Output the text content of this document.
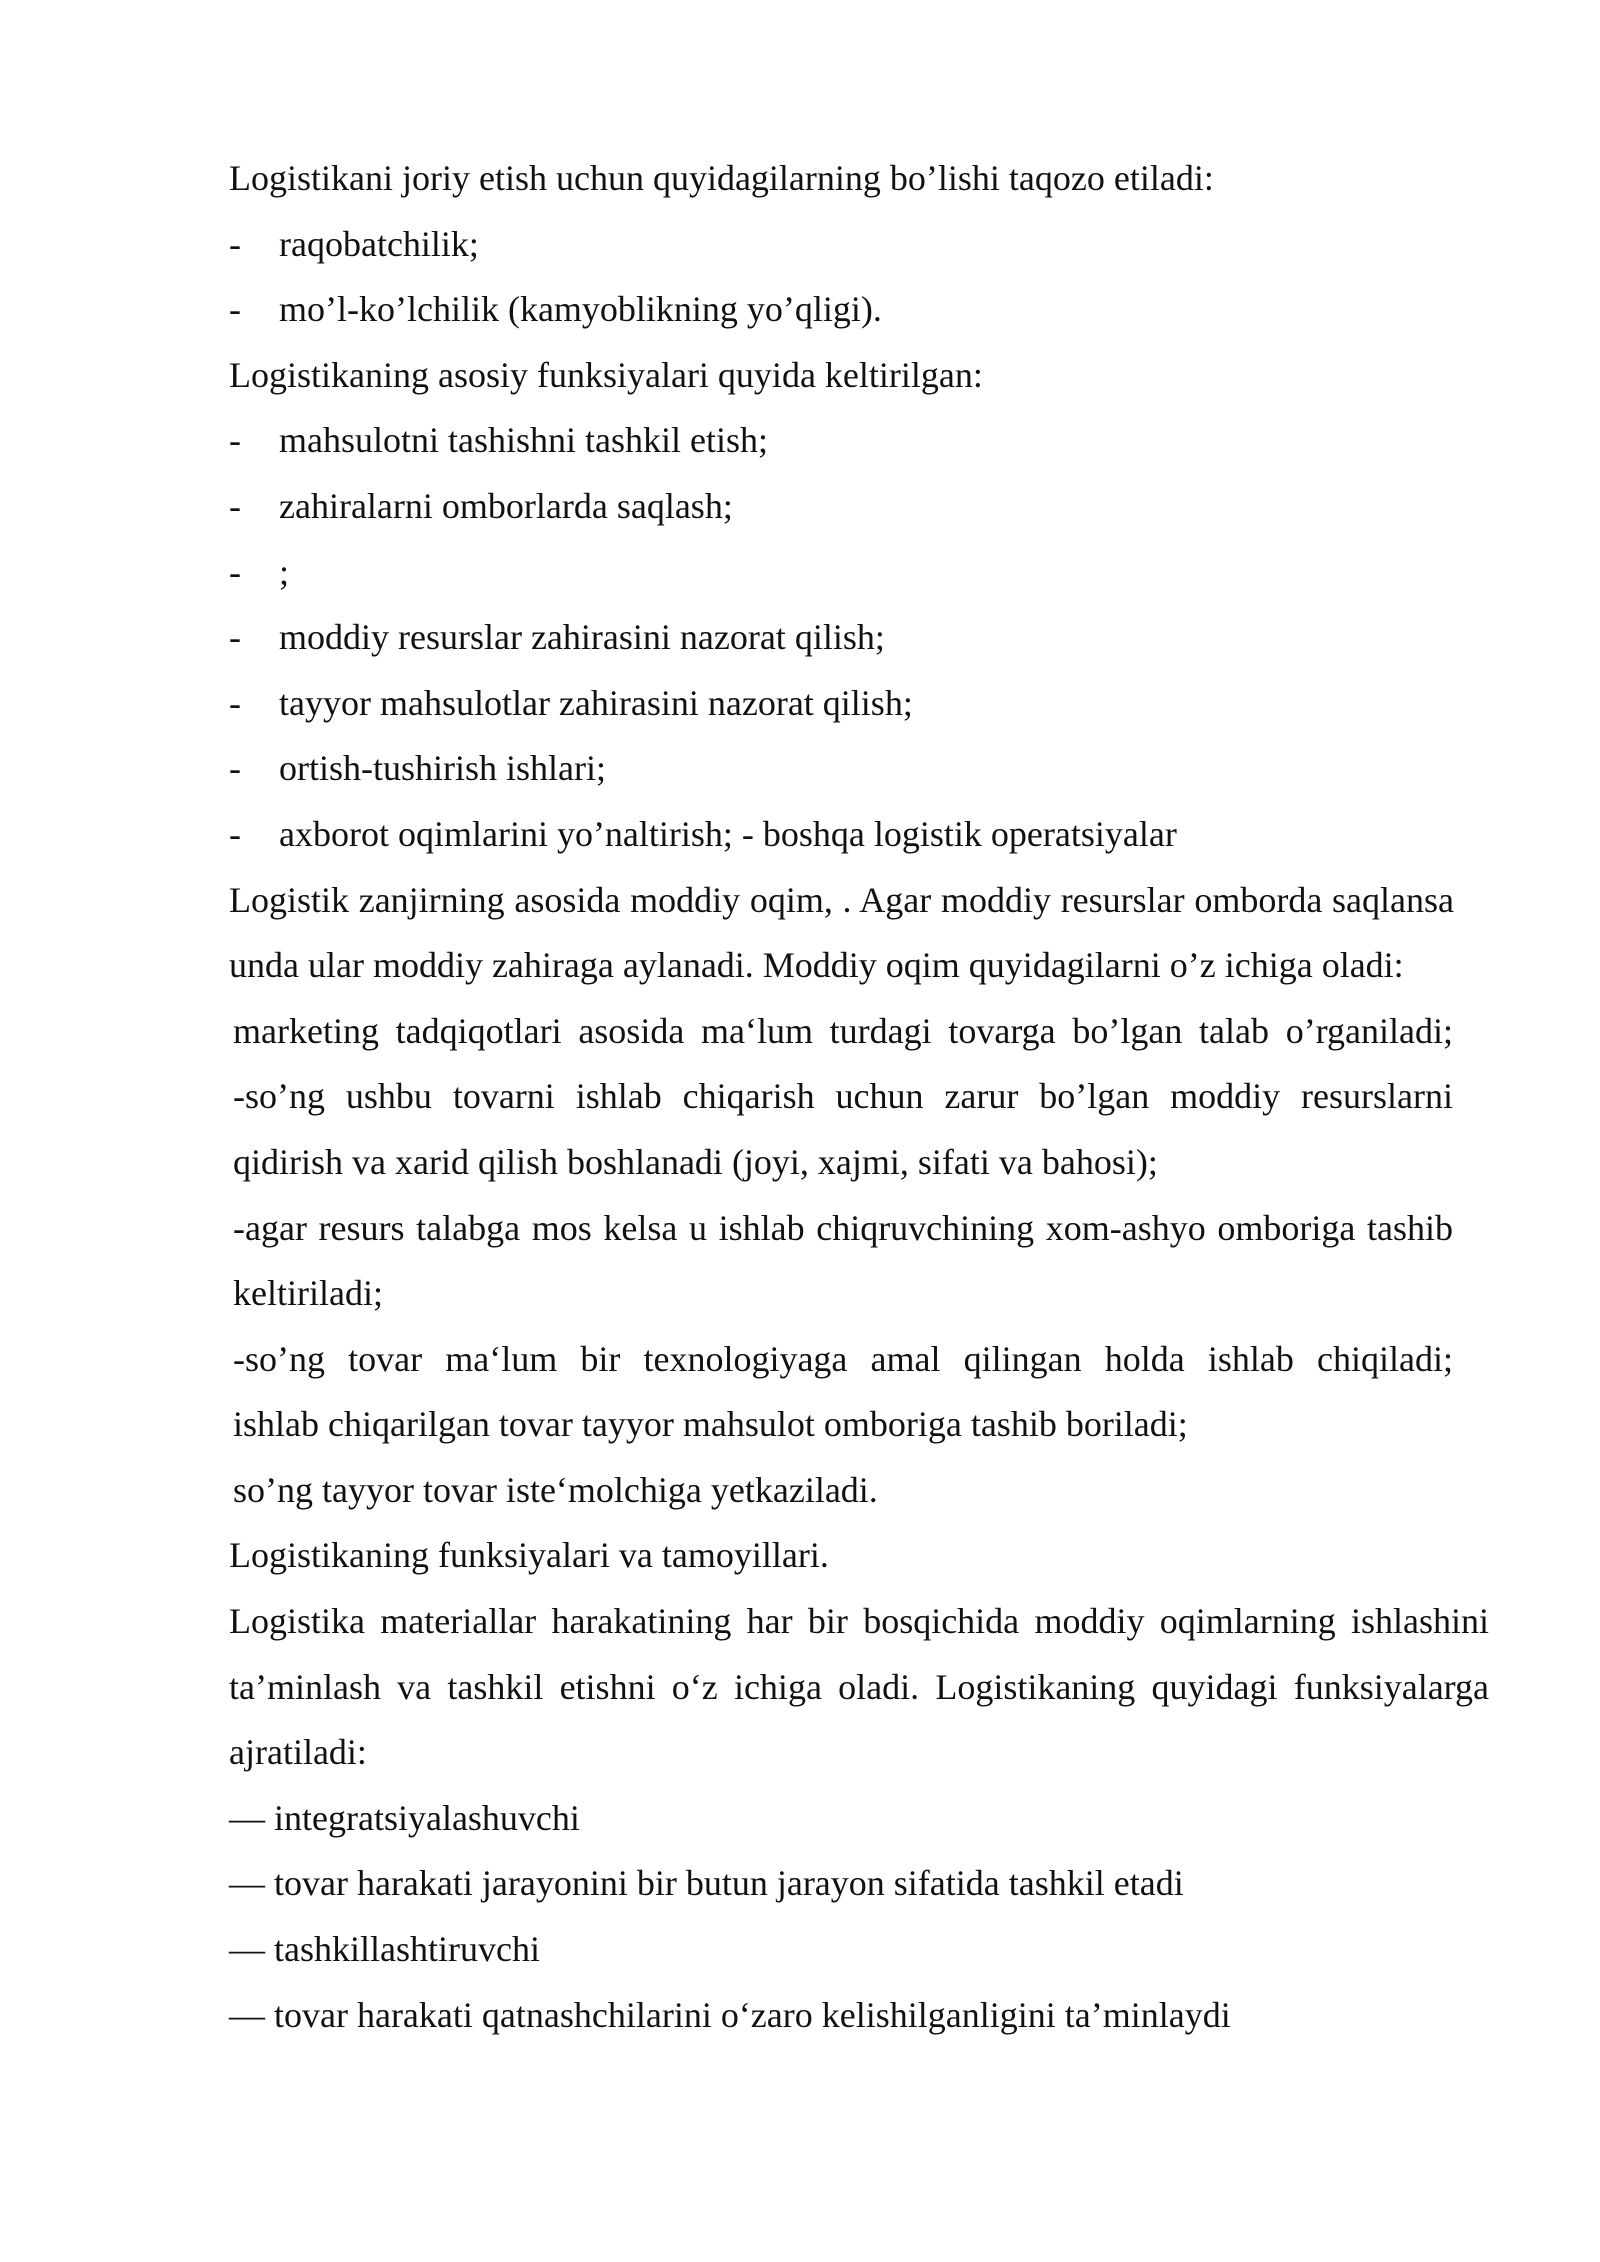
Logistikani joriy etish uchun quyidagilarning bo’lishi taqozo etiladi:
-	raqobatchilik;
-	mo’l-ko’lchilik (kamyoblikning yo’qligi).
Logistikaning asosiy funksiyalari quyida keltirilgan:
-	mahsulotni tashishni tashkil etish;
-	zahiralarni omborlarda saqlash;
-	;
-	moddiy resurslar zahirasini nazorat qilish;
-	tayyor mahsulotlar zahirasini nazorat qilish;
-	ortish-tushirish ishlari;
-	axborot oqimlarini yo’naltirish; - boshqa logistik operatsiyalar
Logistik zanjirning asosida moddiy oqim, . Agar moddiy resurslar omborda saqlansa unda ular moddiy zahiraga aylanadi. Moddiy oqim quyidagilarni o’z ichiga oladi:
marketing tadqiqotlari asosida ma‘lum turdagi tovarga bo’lgan talab o’rganiladi;
-so’ng ushbu tovarni ishlab chiqarish uchun zarur bo’lgan moddiy resurslarni qidirish va xarid qilish boshlanadi (joyi, xajmi, sifati va bahosi);
-agar resurs talabga mos kelsa u ishlab chiqruvchining xom-ashyo omboriga tashib keltiriladi;
-so’ng tovar ma‘lum bir texnologiyaga amal qilingan holda ishlab chiqiladi;
ishlab chiqarilgan tovar tayyor mahsulot omboriga tashib boriladi;
so’ng tayyor tovar iste‘molchiga yetkaziladi.
Logistikaning funksiyalari va tamoyillari.
Logistika materiallar harakatining har bir bosqichida moddiy oqimlarning ishlashini ta’minlash va tashkil etishni o‘z ichiga oladi. Logistikaning quyidagi funksiyalarga ajratiladi:
— integratsiyalashuvchi
— tovar harakati jarayonini bir butun jarayon sifatida tashkil etadi
— tashkillashtiruvchi
— tovar harakati qatnashchilarini o‘zaro kelishilganligini ta’minlaydi
